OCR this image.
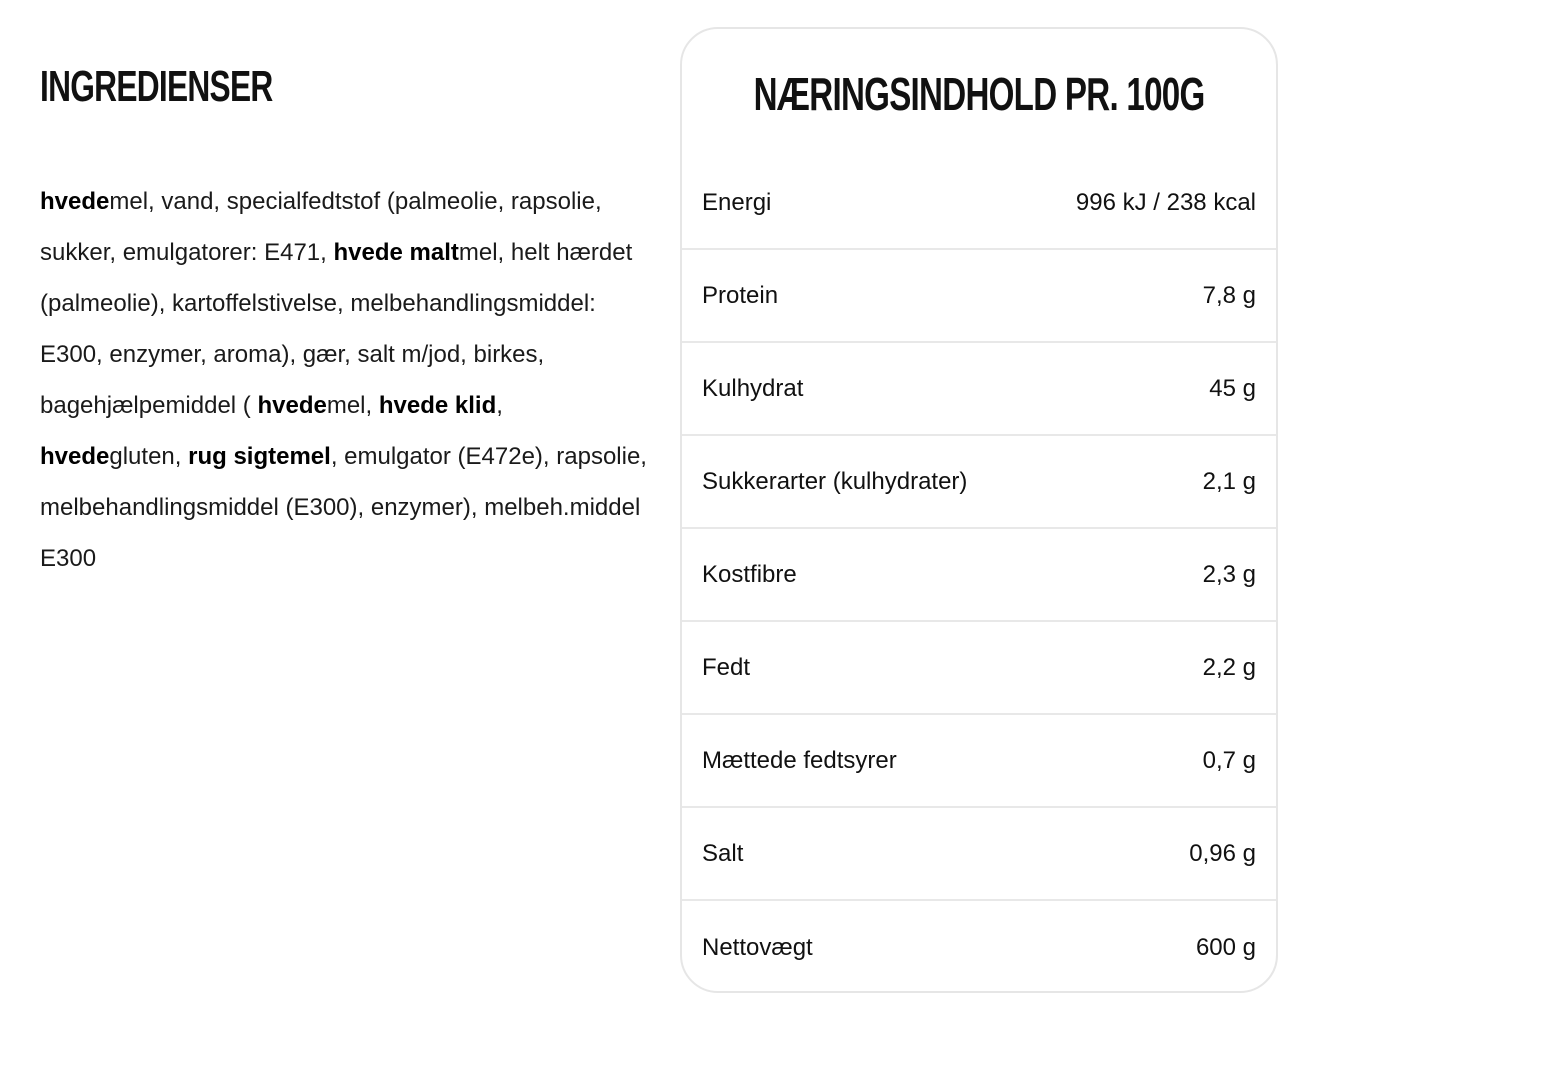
INGREDIENSER

hvedemel, vand, specialfedtstof (palmeolie, rapsolie, sukker, emulgatorer: E471, hvede maltmel, helt hærdet (palmeolie), kartoffelstivelse, melbehandlingsmiddel: E300, enzymer, aroma), gær, salt m/jod, birkes, bagehjælpemiddel ( hvedemel, hvede klid, hvedegluten, rug sigtemel, emulgator (E472e), rapsolie, melbehandlingsmiddel (E300), enzymer), melbeh.middel E300

NÆRINGSINDHOLD PR. 100G
Energi	996 kJ / 238 kcal
Protein	7,8 g
Kulhydrat	45 g
Sukkerarter (kulhydrater)	2,1 g
Kostfibre	2,3 g
Fedt	2,2 g
Mættede fedtsyrer	0,7 g
Salt	0,96 g
Nettovægt	600 g
